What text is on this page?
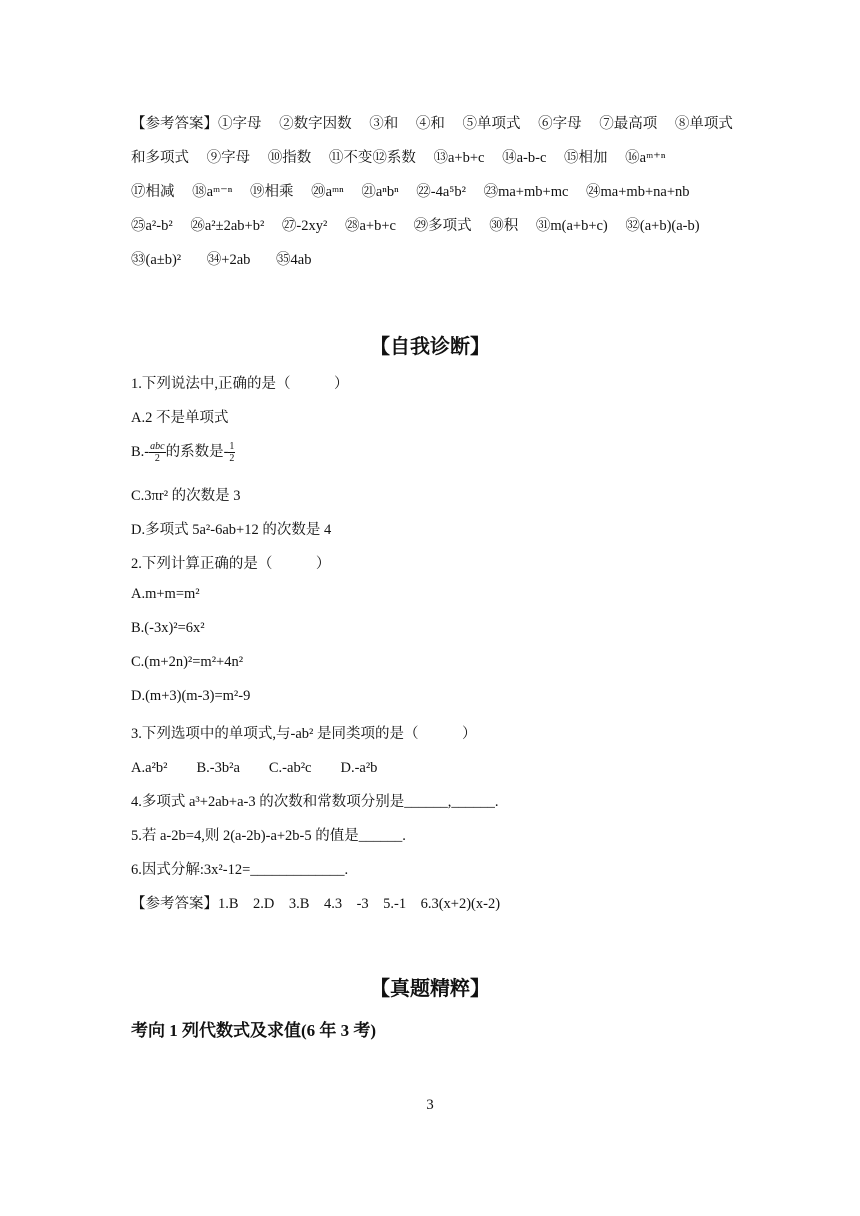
【参考答案】①字母 ②数字因数 ③和 ④和 ⑤单项式 ⑥字母 ⑦最高项 ⑧单项式
和多项式 ⑨字母 ⑩指数 ⑪不变⑫系数 ⑬a+b+c ⑭a-b-c ⑮相加 ⑯aᵐ⁺ⁿ
⑰相减 ⑱aᵐ⁻ⁿ ⑲相乘 ⑳aᵐⁿ ㉑aⁿbⁿ ㉒-4a⁵b² ㉓ma+mb+mc ㉔ma+mb+na+nb
㉕a²-b² ㉖a²±2ab+b² ㉗-2xy² ㉘a+b+c ㉙多项式 ㉚积 ㉛m(a+b+c) ㉜(a+b)(a-b)
㉝(a±b)² ㉞+2ab ㉟4ab
【自我诊断】
1.下列说法中,正确的是（　　　）
A.2 不是单项式
$B.- \frac{\text{abc}}{2}$ 的系数是- $\frac{1}{2}$
C.3πr² 的次数是 3
D.多项式 5a²-6ab+12 的次数是 4
2.下列计算正确的是（　　　）
A.m+m=m²
B.(-3x)²=6x²
C.(m+2n)²=m²+4n²
D.(m+3)(m-3)=m²-9
3.下列选项中的单项式,与-ab² 是同类项的是（　　　）
A.a²b²　　B.-3b²a　　C.-ab²c　　D.-a²b
4.多项式 a³+2ab+a-3 的次数和常数项分别是______,______.
5.若 a-2b=4,则 2(a-2b)-a+2b-5 的值是______.
6.因式分解:3x²-12=_____________.
【参考答案】1.B　2.D　3.B　4.3　-3　5.-1　6.3(x+2)(x-2)
【真题精粹】
考向 1 列代数式及求值(6 年 3 考)
3
